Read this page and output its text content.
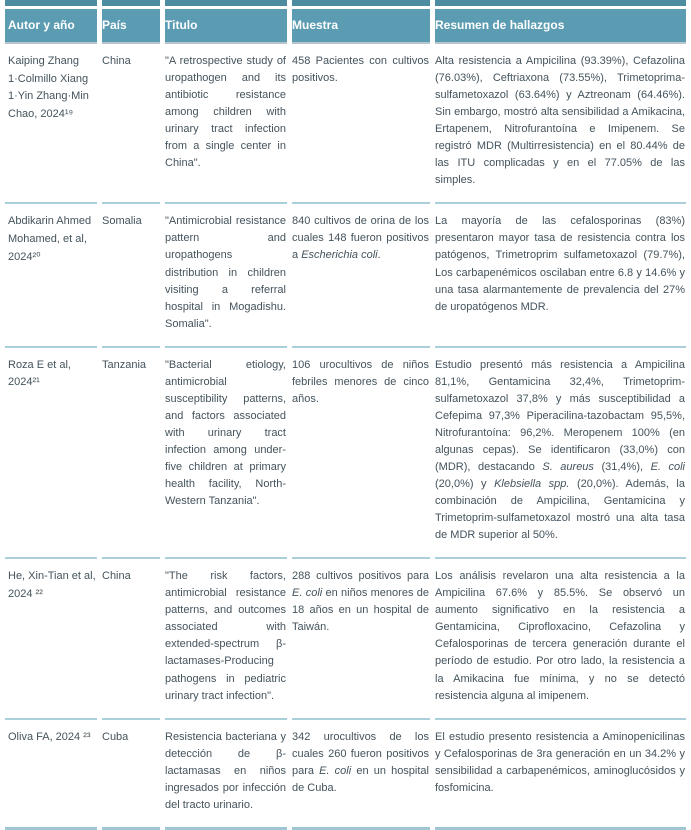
Autor y año	País	Titulo	Muestra	Resumen de hallazgos
Kaiping Zhang 1·Colmillo Xiang 1·Yin Zhang·Min Chao, 2024¹⁹	China	"A retrospective study of uropathogen and its antibiotic resistance among children with urinary tract infection from a single center in China".	458 Pacientes con cultivos positivos.	Alta resistencia a Ampicilina (93.39%), Cefazolina (76.03%), Ceftriaxona (73.55%), Trimetoprima-sulfametoxazol (63.64%) y Aztreonam (64.46%). Sin embargo, mostró alta sensibilidad a Amikacina, Ertapenem, Nitrofurantoína e Imipenem. Se registró MDR (Multirresistencia) en el 80.44% de las ITU complicadas y en el 77.05% de las simples.
Abdikarin Ahmed Mohamed, et al, 2024²⁰	Somalia	"Antimicrobial resistance pattern and uropathogens distribution in children visiting a referral hospital in Mogadishu. Somalia".	840 cultivos de orina de los cuales 148 fueron positivos a Escherichia coli.	La mayoría de las cefalosporinas (83%) presentaron mayor tasa de resistencia contra los patógenos, Trimetroprim sulfametoxazol (79.7%), Los carbapenémicos oscilaban entre 6.8 y 14.6% y una tasa alarmantemente de prevalencia del 27% de uropatógenos MDR.
Roza E et al, 2024²¹	Tanzania	"Bacterial etiology, antimicrobial susceptibility patterns, and factors associated with urinary tract infection among under-five children at primary health facility, North-Western Tanzania".	106 urocultivos de niños febriles menores de cinco años.	Estudio presentó más resistencia a Ampicilina 81,1%, Gentamicina 32,4%, Trimetoprim-sulfametoxazol 37,8% y más susceptibilidad a Cefepima 97,3% Piperacilina-tazobactam 95,5%, Nitrofurantoína: 96,2%. Meropenem 100% (en algunas cepas). Se identificaron (33,0%) con (MDR), destacando S. aureus (31,4%), E. coli (20,0%) y Klebsiella spp. (20,0%). Además, la combinación de Ampicilina, Gentamicina y Trimetoprim-sulfametoxazol mostró una alta tasa de MDR superior al 50%.
He, Xin-Tian et al, 2024 ²²	China	"The risk factors, antimicrobial resistance patterns, and outcomes associated with extended-spectrum β-lactamases-Producing pathogens in pediatric urinary tract infection".	288 cultivos positivos para E. coli en niños menores de 18 años en un hospital de Taiwán.	Los análisis revelaron una alta resistencia a la Ampicilina 67.6% y 85.5%. Se observó un aumento significativo en la resistencia a Gentamicina, Ciprofloxacino, Cefazolina y Cefalosporinas de tercera generación durante el período de estudio. Por otro lado, la resistencia a la Amikacina fue mínima, y no se detectó resistencia alguna al imipenem.
Oliva FA, 2024 ²³	Cuba	Resistencia bacteriana y detección de β-lactamasas en niños ingresados por infección del tracto urinario.	342 urocultivos de los cuales 260 fueron positivos para E. coli en un hospital de Cuba.	El estudio presento resistencia a Aminopenicilinas y Cefalosporinas de 3ra generación en un 34.2% y sensibilidad a carbapenémicos, aminoglucósidos y fosfomicina.
